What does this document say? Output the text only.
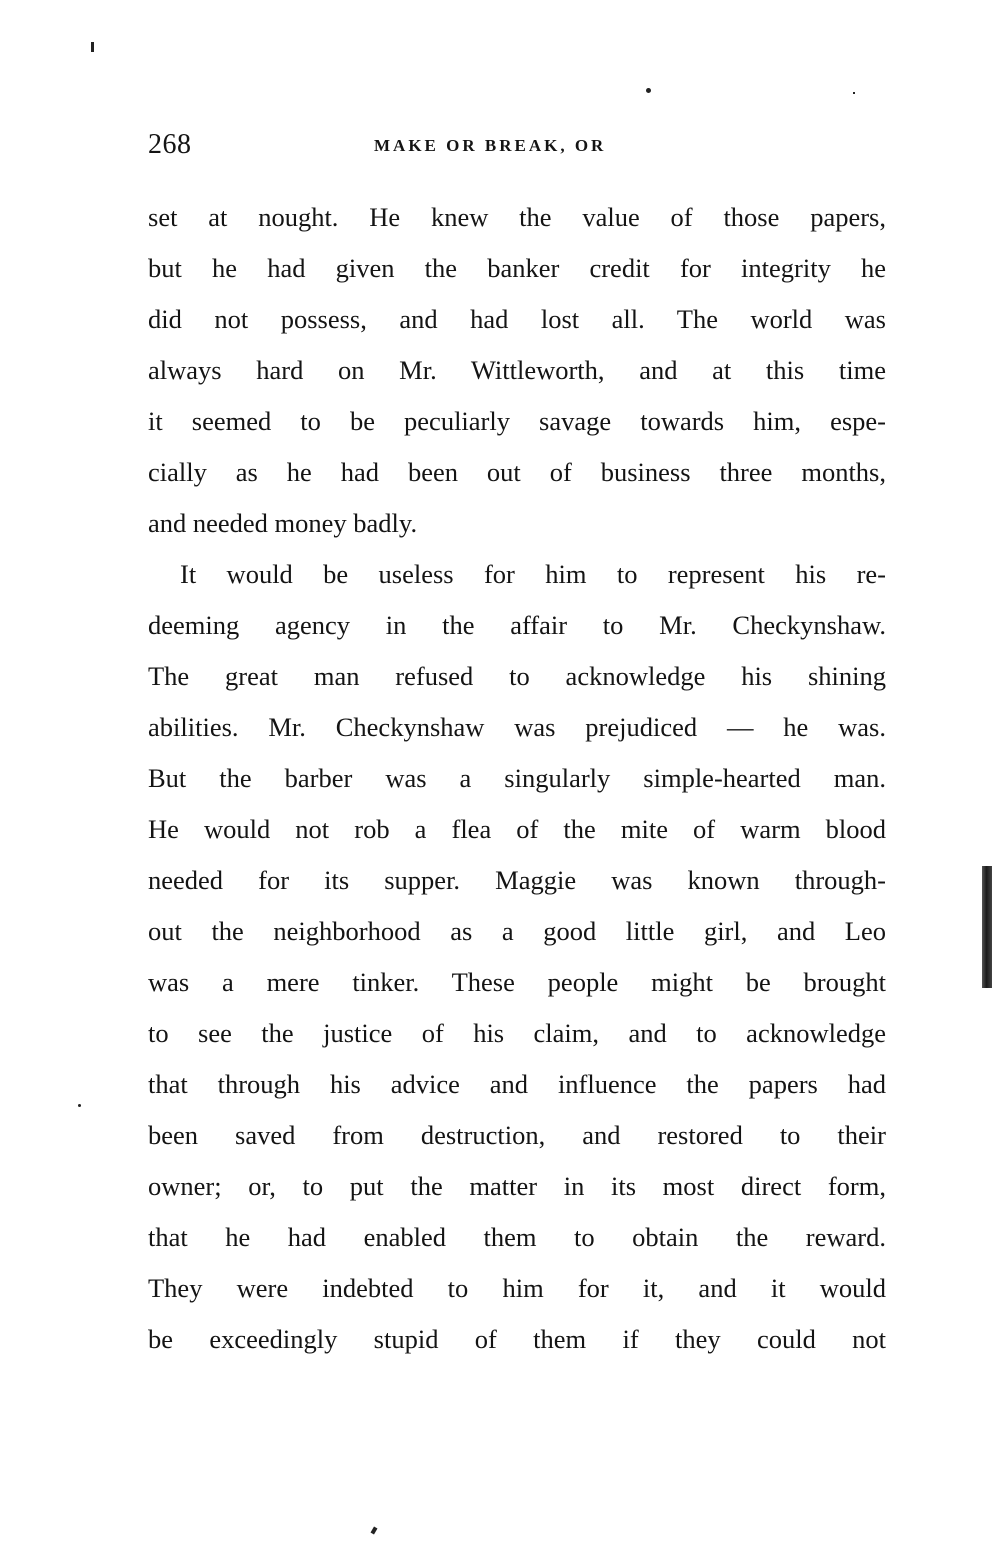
268	MAKE OR BREAK, OR
set at nought. He knew the value of those papers,
but he had given the banker credit for integrity he
did not possess, and had lost all. The world was
always hard on Mr. Wittleworth, and at this time
it seemed to be peculiarly savage towards him, espe-
cially as he had been out of business three months,
and needed money badly.
It would be useless for him to represent his re-
deeming agency in the affair to Mr. Checkynshaw.
The great man refused to acknowledge his shining
abilities. Mr. Checkynshaw was prejudiced — he was.
But the barber was a singularly simple-hearted man.
He would not rob a flea of the mite of warm blood
needed for its supper. Maggie was known through-
out the neighborhood as a good little girl, and Leo
was a mere tinker. These people might be brought
to see the justice of his claim, and to acknowledge
that through his advice and influence the papers had
been saved from destruction, and restored to their
owner; or, to put the matter in its most direct form,
that he had enabled them to obtain the reward.
They were indebted to him for it, and it would
be exceedingly stupid of them if they could not
